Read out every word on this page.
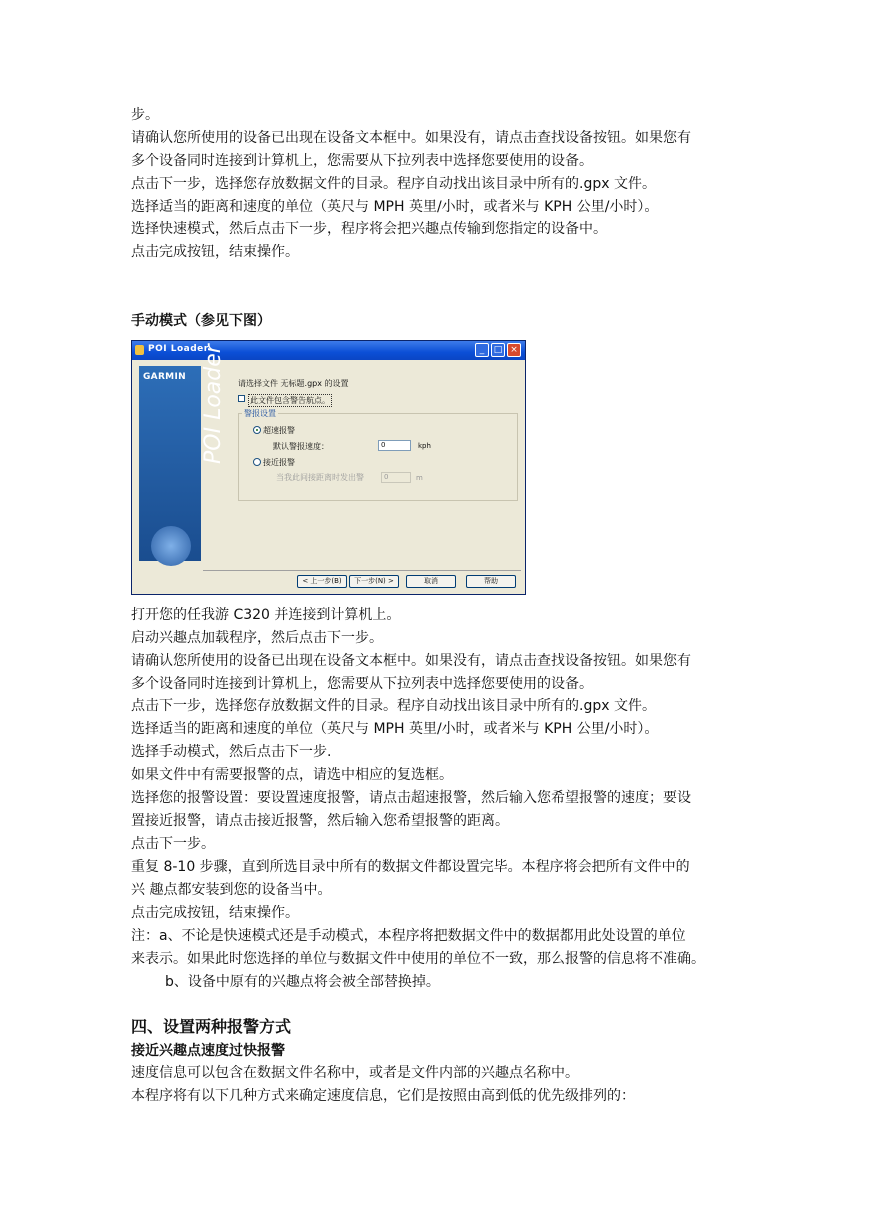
步。
请确认您所使用的设备已出现在设备文本框中。如果没有，请点击查找设备按钮。如果您有
多个设备同时连接到计算机上，您需要从下拉列表中选择您要使用的设备。
点击下一步，选择您存放数据文件的目录。程序自动找出该目录中所有的.gpx 文件。
选择适当的距离和速度的单位（英尺与 MPH 英里/小时，或者米与 KPH 公里/小时）。
选择快速模式，然后点击下一步，程序将会把兴趣点传输到您指定的设备中。
点击完成按钮，结束操作。
手动模式（参见下图）
POI Loader	_	□ ×
GARMIN POI Loader 请选择文件 无标题.gpx 的设置
此文件包含警告航点。
警报设置
超速报警
默认警报速度：	0	kph
接近报警
当我此间接距离时发出警	0	m
< 上一步(B)	下一步(N) >	取消	帮助
打开您的任我游 C320 并连接到计算机上。
启动兴趣点加载程序，然后点击下一步。
请确认您所使用的设备已出现在设备文本框中。如果没有，请点击查找设备按钮。如果您有
多个设备同时连接到计算机上，您需要从下拉列表中选择您要使用的设备。
点击下一步，选择您存放数据文件的目录。程序自动找出该目录中所有的.gpx 文件。
选择适当的距离和速度的单位（英尺与 MPH 英里/小时，或者米与 KPH 公里/小时）。
选择手动模式，然后点击下一步.
如果文件中有需要报警的点，请选中相应的复选框。
选择您的报警设置：要设置速度报警，请点击超速报警，然后输入您希望报警的速度；要设
置接近报警，请点击接近报警，然后输入您希望报警的距离。
点击下一步。
重复 8-10 步骤，直到所选目录中所有的数据文件都设置完毕。本程序将会把所有文件中的
兴 趣点都安装到您的设备当中。
点击完成按钮，结束操作。
注：a、不论是快速模式还是手动模式，本程序将把数据文件中的数据都用此处设置的单位
来表示。如果此时您选择的单位与数据文件中使用的单位不一致，那么报警的信息将不准确。
b、设备中原有的兴趣点将会被全部替换掉。
四、设置两种报警方式
接近兴趣点速度过快报警
速度信息可以包含在数据文件名称中，或者是文件内部的兴趣点名称中。
本程序将有以下几种方式来确定速度信息，它们是按照由高到低的优先级排列的：
